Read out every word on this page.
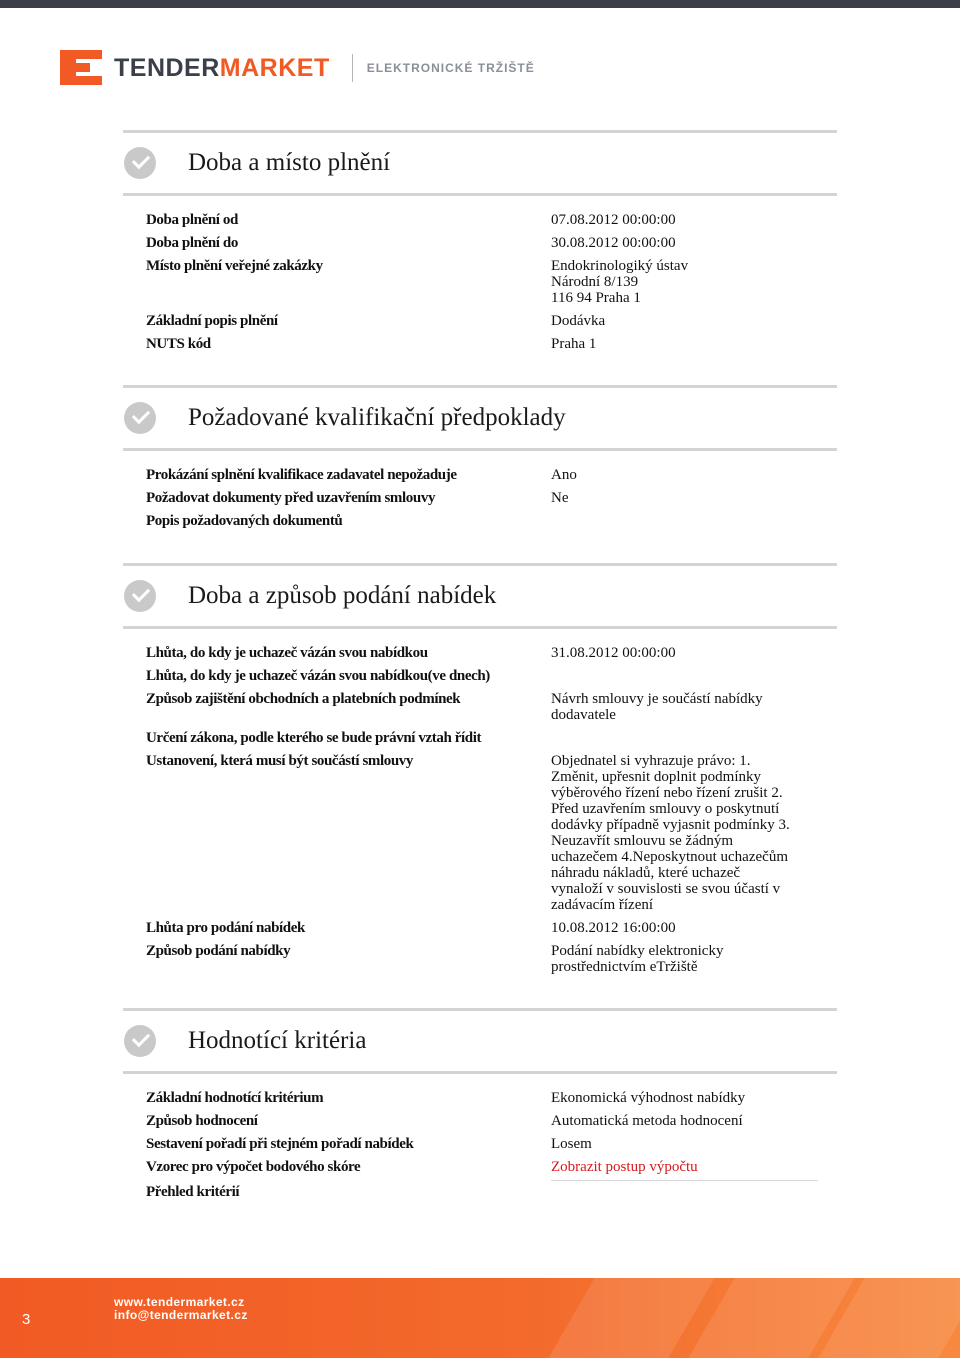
TENDERMARKET	ELEKTRONICKÉ TRŽIŠTĚ
Doba a místo plnění
Doba plnění od	07.08.2012 00:00:00
Doba plnění do	30.08.2012 00:00:00
Místo plnění veřejné zakázky	Endokrinologiký ústav
Národní 8/139
116 94 Praha 1
Základní popis plnění	Dodávka
NUTS kód	Praha 1
Požadované kvalifikační předpoklady
Prokázání splnění kvalifikace zadavatel nepožaduje	Ano
Požadovat dokumenty před uzavřením smlouvy	Ne
Popis požadovaných dokumentů
Doba a způsob podání nabídek
Lhůta, do kdy je uchazeč vázán svou nabídkou	31.08.2012 00:00:00
Lhůta, do kdy je uchazeč vázán svou nabídkou(ve dnech)
Způsob zajištění obchodních a platebních podmínek	Návrh smlouvy je součástí nabídky
dodavatele
Určení zákona, podle kterého se bude právní vztah řídit
Ustanovení, která musí být součástí smlouvy	Objednatel si vyhrazuje právo: 1.
Změnit, upřesnit doplnit podmínky
výběrového řízení nebo řízení zrušit 2.
Před uzavřením smlouvy o poskytnutí
dodávky případně vyjasnit podmínky 3.
Neuzavřít smlouvu se žádným
uchazečem 4.Neposkytnout uchazečům
náhradu nákladů, které uchazeč
vynaloží v souvislosti se svou účastí v
zadávacím řízení
Lhůta pro podání nabídek	10.08.2012 16:00:00
Způsob podání nabídky	Podání nabídky elektronicky
prostřednictvím eTržiště
Hodnotící kritéria
Základní hodnotící kritérium	Ekonomická výhodnost nabídky
Způsob hodnocení	Automatická metoda hodnocení
Sestavení pořadí při stejném pořadí nabídek	Losem
Vzorec pro výpočet bodového skóre	Zobrazit postup výpočtu
Přehled kritérií
3
www.tendermarket.cz
info@tendermarket.cz
